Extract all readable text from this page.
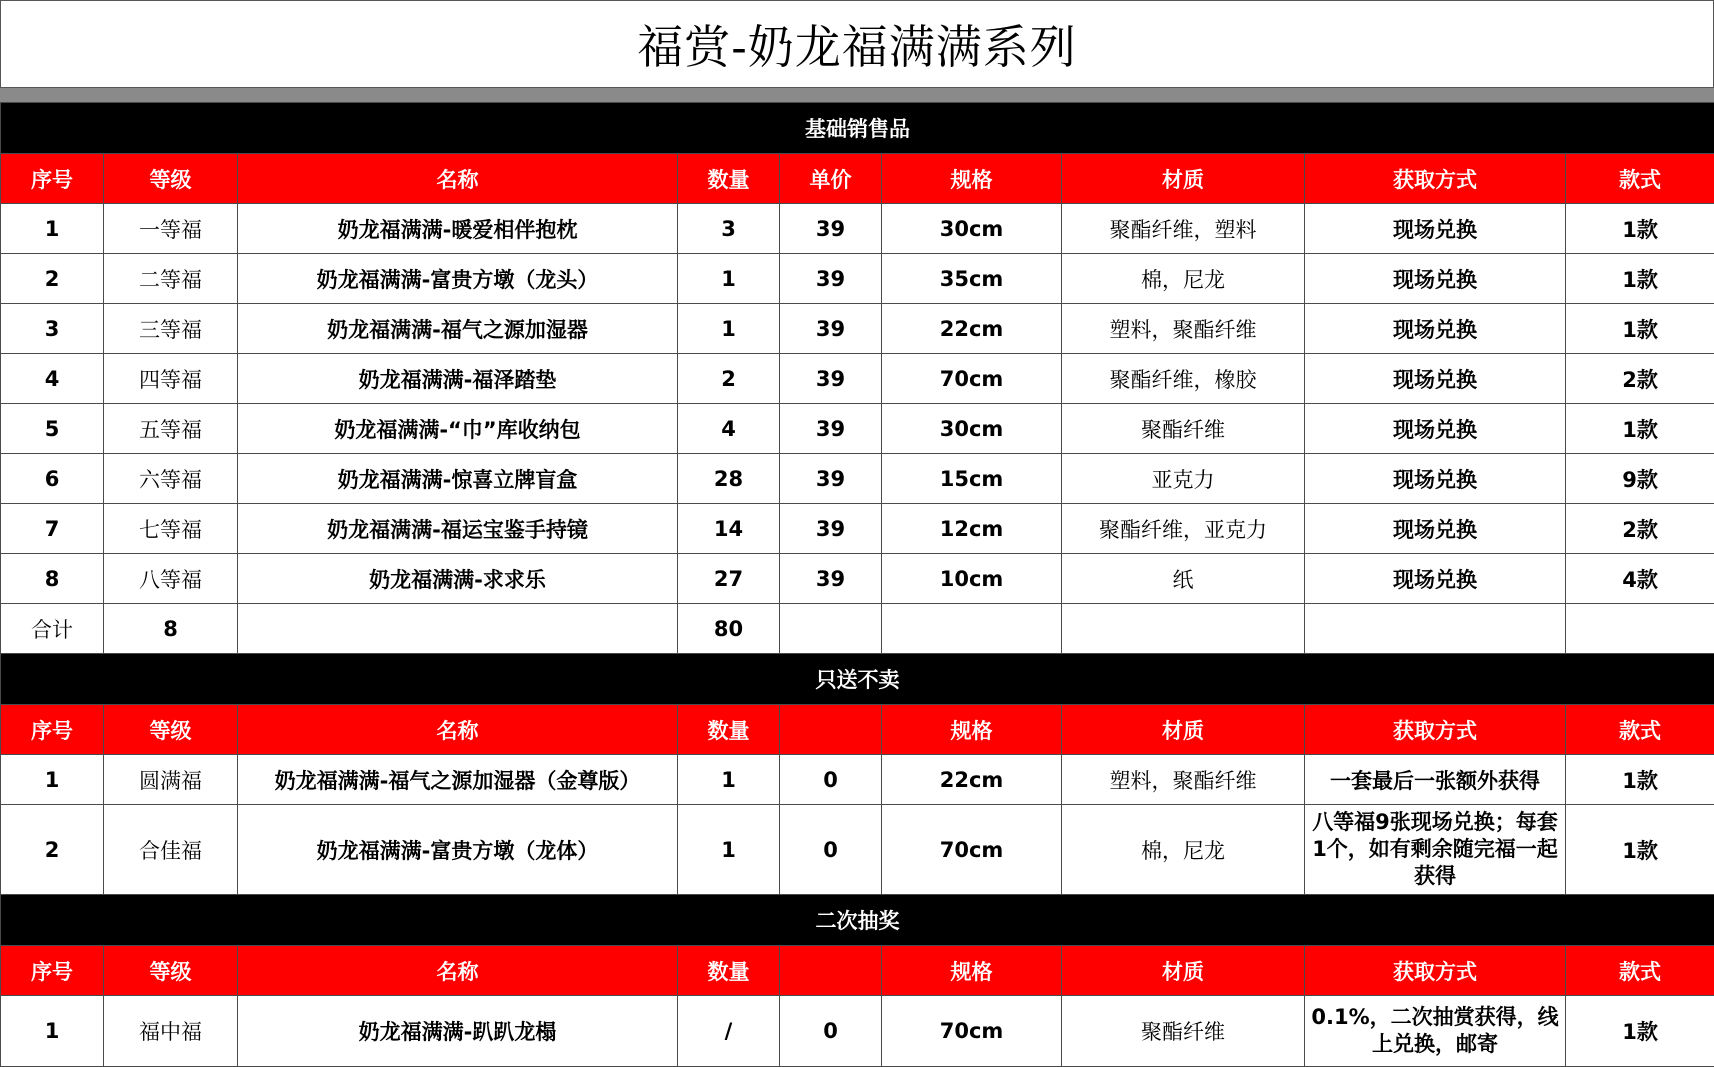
福赏-奶龙福满满系列
基础销售品								
序号	等级	名称	数量	单价	规格	材质	获取方式	款式
1	一等福	奶龙福满满-暖爱相伴抱枕	3	39	30cm	聚酯纤维，塑料	现场兑换	1款
2	二等福	奶龙福满满-富贵方墩（龙头）	1	39	35cm	棉，尼龙	现场兑换	1款
3	三等福	奶龙福满满-福气之源加湿器	1	39	22cm	塑料，聚酯纤维	现场兑换	1款
4	四等福	奶龙福满满-福泽踏垫	2	39	70cm	聚酯纤维，橡胶	现场兑换	2款
5	五等福	奶龙福满满-“巾”库收纳包	4	39	30cm	聚酯纤维	现场兑换	1款
6	六等福	奶龙福满满-惊喜立牌盲盒	28	39	15cm	亚克力	现场兑换	9款
7	七等福	奶龙福满满-福运宝鉴手持镜	14	39	12cm	聚酯纤维，亚克力	现场兑换	2款
8	八等福	奶龙福满满-求求乐	27	39	10cm	纸	现场兑换	4款
合计	8		80					
只送不卖								
序号	等级	名称	数量		规格	材质	获取方式	款式
1	圆满福	奶龙福满满-福气之源加湿器（金尊版）	1	0	22cm	塑料，聚酯纤维	一套最后一张额外获得	1款
2	合佳福	奶龙福满满-富贵方墩（龙体）	1	0	70cm	棉，尼龙	八等福9张现场兑换；每套1个，如有剩余随完福一起获得	1款
二次抽奖								
序号	等级	名称	数量		规格	材质	获取方式	款式
1	福中福	奶龙福满满-趴趴龙榻	/	0	70cm	聚酯纤维	0.1%，二次抽赏获得，线上兑换，邮寄	1款
